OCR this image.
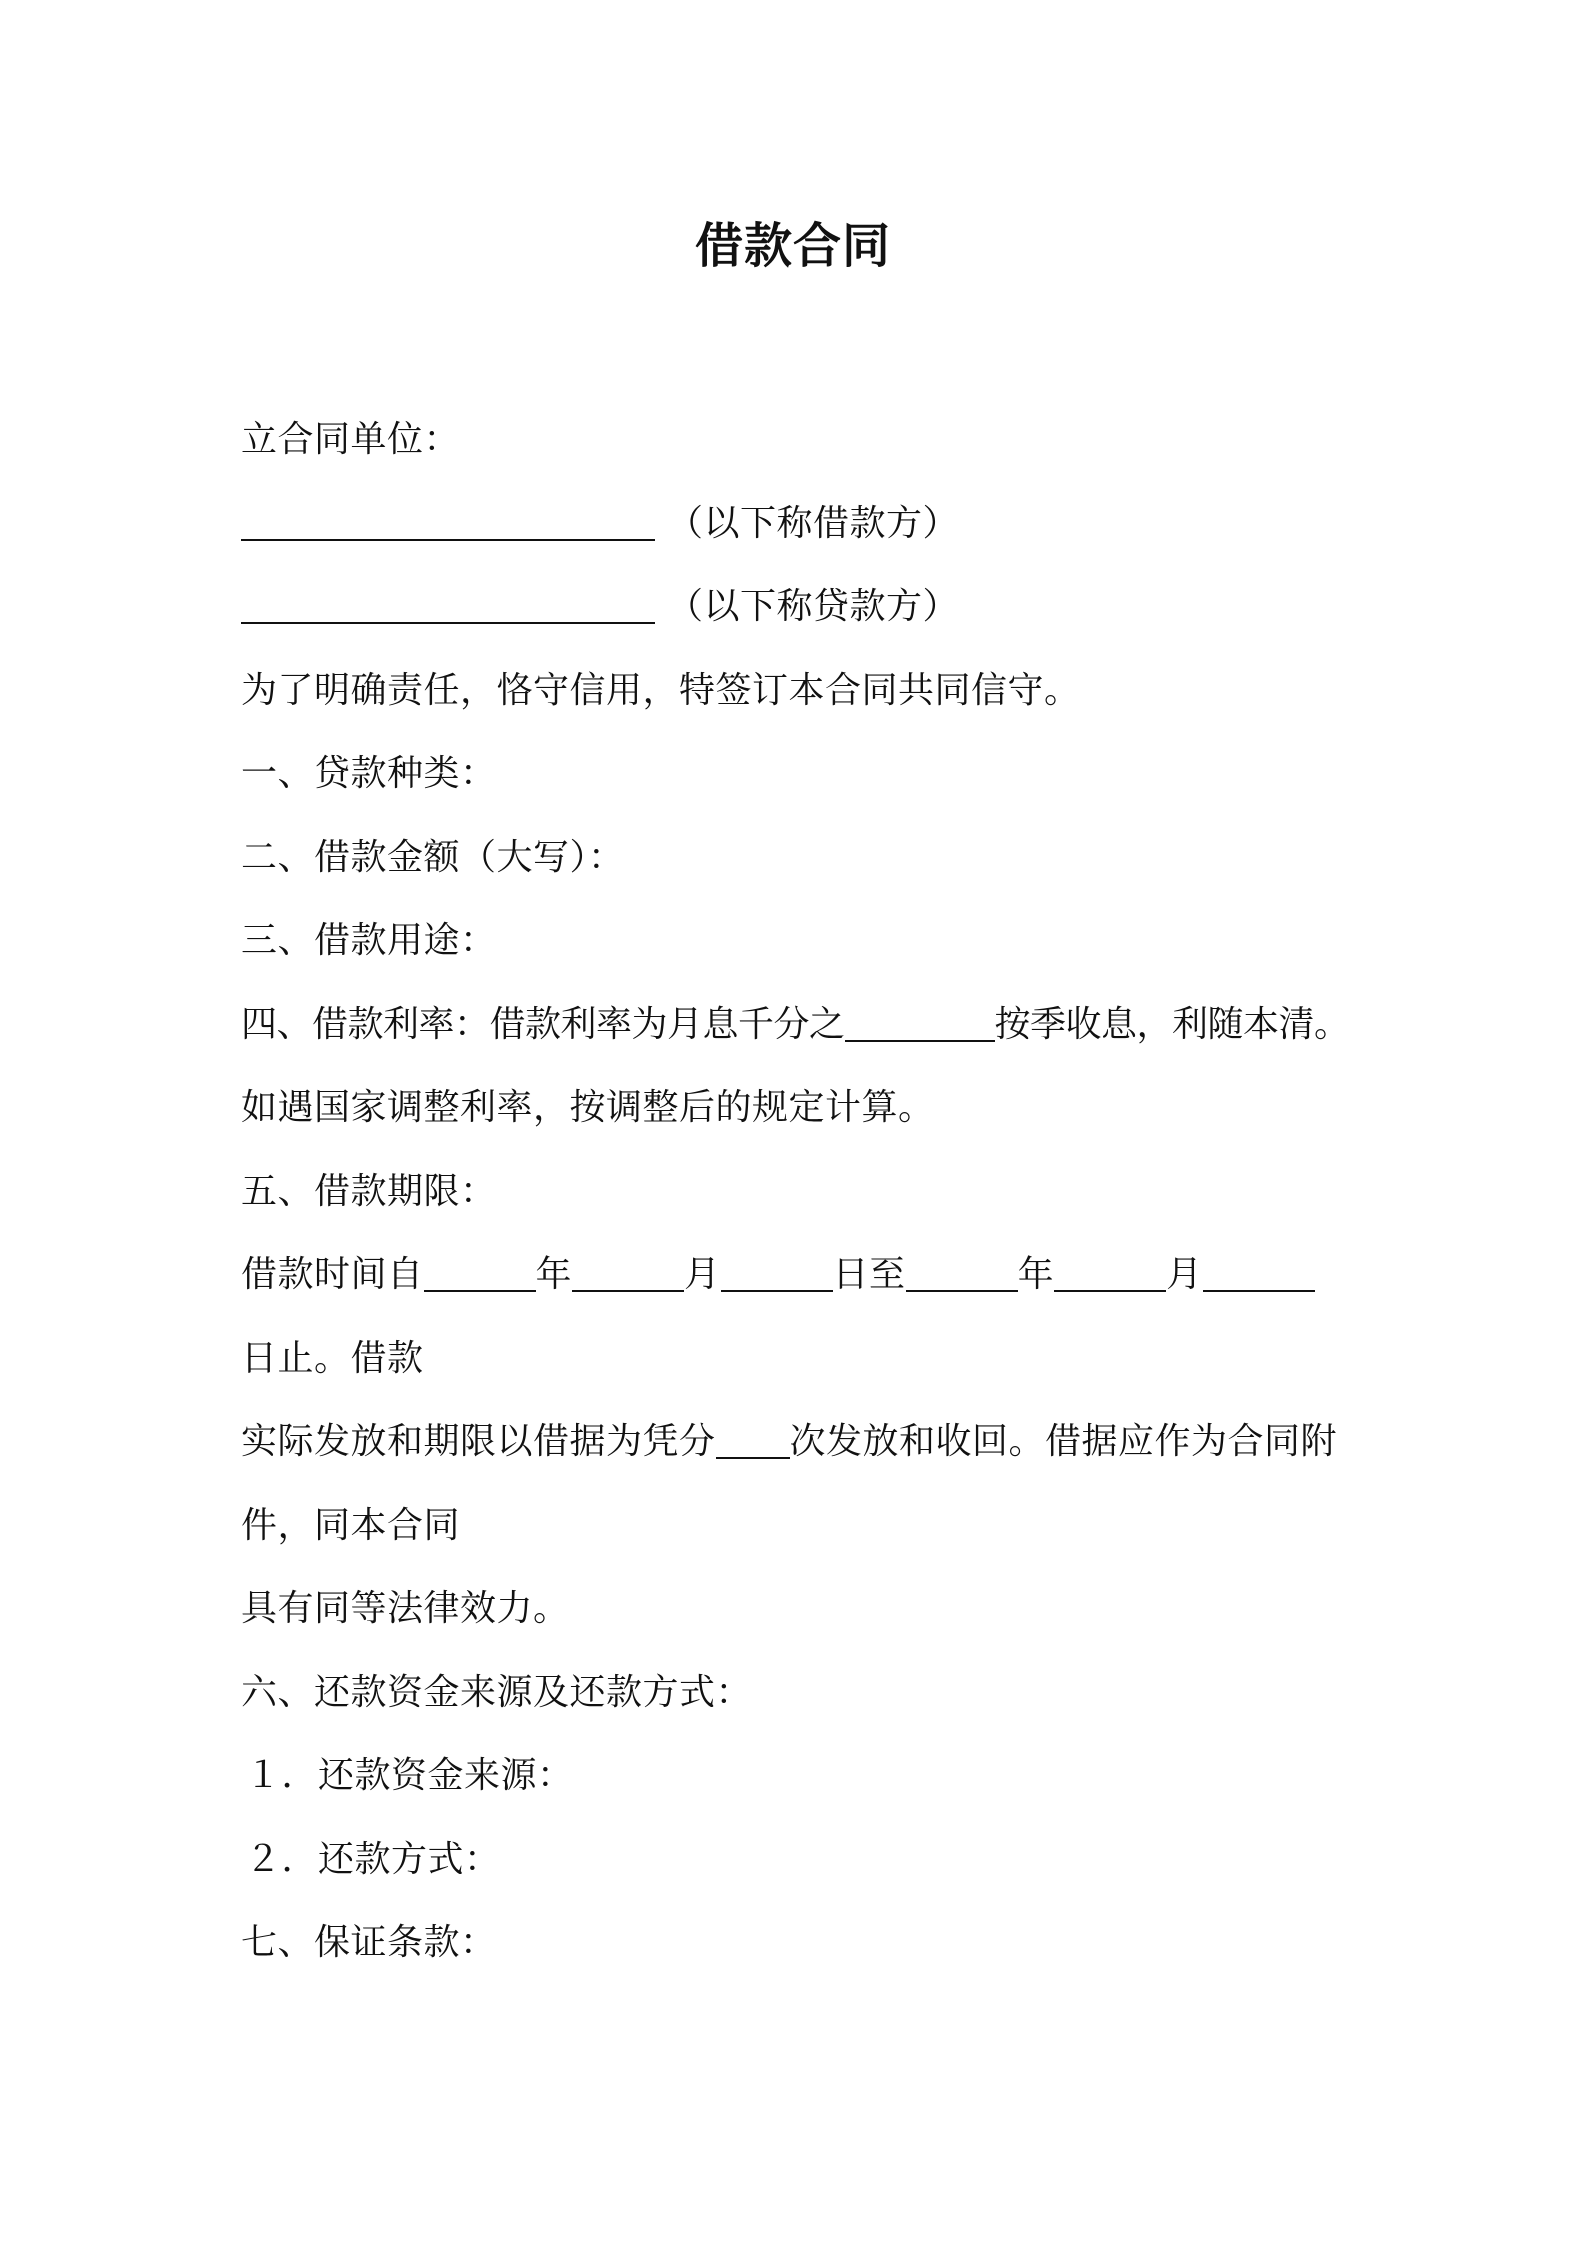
借款合同
立合同单位：
（以下称借款方）
（以下称贷款方）
为了明确责任，恪守信用，特签订本合同共同信守。
一、贷款种类：
二、借款金额（大写）：
三、借款用途：
四、借款利率：借款利率为月息千分之	按季收息，利随本清。
如遇国家调整利率，按调整后的规定计算。
五、借款期限：
借款时间自	年	月	日至	年	月
日止。借款
实际发放和期限以借据为凭分 次发放和收回。借据应作为合同附
件，同本合同
具有同等法律效力。
六、还款资金来源及还款方式：
１．还款资金来源：
２．还款方式：
七、保证条款：
